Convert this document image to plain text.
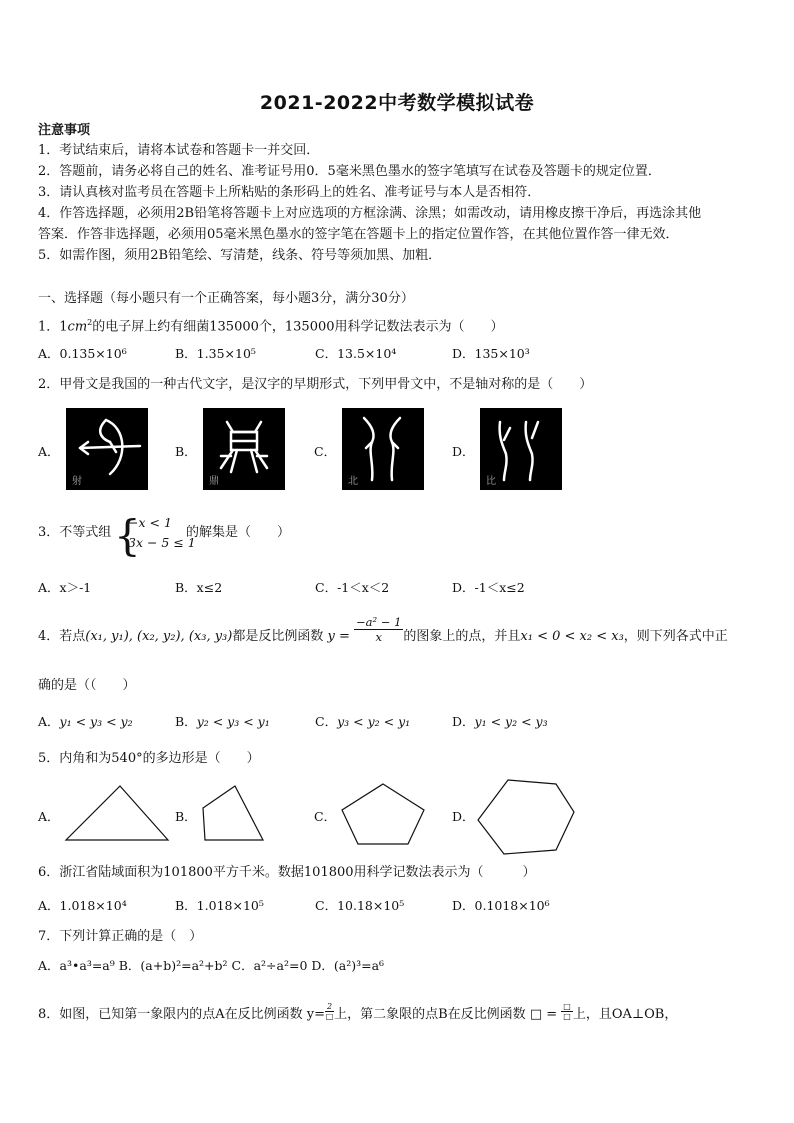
2021-2022中考数学模拟试卷
注意事项
1．考试结束后，请将本试卷和答题卡一并交回．
2．答题前，请务必将自己的姓名、准考证号用0．5毫米黑色墨水的签字笔填写在试卷及答题卡的规定位置．
3．请认真核对监考员在答题卡上所粘贴的条形码上的姓名、准考证号与本人是否相符．
4．作答选择题，必须用2B铅笔将答题卡上对应选项的方框涂满、涂黑；如需改动，请用橡皮擦干净后，再选涂其他
答案．作答非选择题，必须用05毫米黑色墨水的签字笔在答题卡上的指定位置作答，在其他位置作答一律无效．
5．如需作图，须用2B铅笔绘、写清楚，线条、符号等须加黑、加粗．
一、选择题（每小题只有一个正确答案，每小题3分，满分30分）
1．$1cm^2$的电子屏上约有细菌135000个，135000用科学记数法表示为（　　）
A．0.135×10⁶	B．1.35×10⁵	C．13.5×10⁴	D．135×10³
2．甲骨文是我国的一种古代文字，是汉字的早期形式，下列甲骨文中，不是轴对称的是（　　）
A．
射
B．
鼎
C．
北
D．
比
3．不等式组 {
−x < 1
3x − 5 ≤ 1
的解集是（　　）
A．x＞-1	B．x≤2	C．-1＜x＜2	D．-1＜x≤2
4．若点(x₁, y₁), (x₂, y₂), (x₃, y₃)都是反比例函数 $y = \frac{\text{−a² − 1}}{x}$ 的图象上的点，并且x₁ < 0 < x₂ < x₃，则下列各式中正
确的是（（　　）
A．y₁ < y₃ < y₂	B．y₂ < y₃ < y₁	C．y₃ < y₂ < y₁	D．y₁ < y₂ < y₃
5．内角和为540°的多边形是（　　）
A．	B．	C．	D．
6．浙江省陆域面积为101800平方千米。数据101800用科学记数法表示为（　　　）
A．1.018×10⁴	B．1.018×10⁵	C．10.18×10⁵	D．0.1018×10⁶
7．下列计算正确的是（　）
A．a³•a³=a⁹ B．(a+b)²=a²+b² C．a²÷a²=0 D．(a²)³=a⁶
8．如图，已知第一象限内的点A在反比例函数 $y= \frac{2}{□}$ 上，第二象限的点B在反比例函数 □ = $\frac{□}{□}$ 上，且OA⊥OB，
